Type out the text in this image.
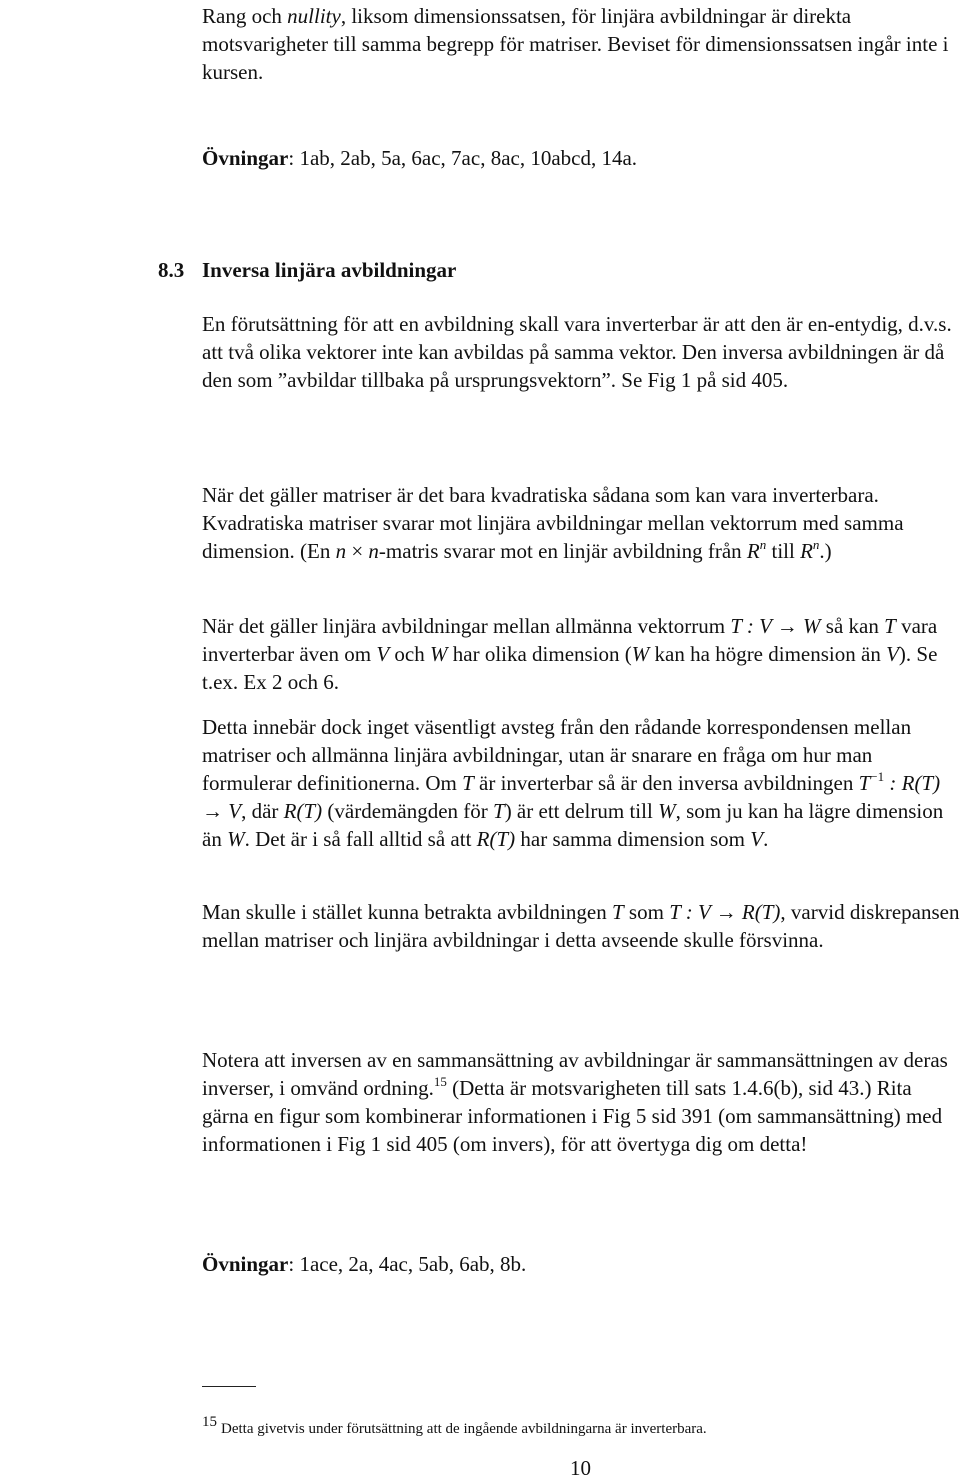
Rang och nullity, liksom dimensionssatsen, för linjära avbildningar är direkta motsvarigheter till samma begrepp för matriser. Beviset för dimensionssatsen ingår inte i kursen.

Övningar: 1ab, 2ab, 5a, 6ac, 7ac, 8ac, 10abcd, 14a.

8.3 Inversa linjära avbildningar

En förutsättning för att en avbildning skall vara inverterbar är att den är en-entydig, d.v.s. att två olika vektorer inte kan avbildas på samma vektor. Den inversa avbildningen är då den som ”avbildar tillbaka på ursprungsvektorn”. Se Fig 1 på sid 405.

När det gäller matriser är det bara kvadratiska sådana som kan vara inverterbara. Kvadratiska matriser svarar mot linjära avbildningar mellan vektorrum med samma dimension. (En n × n-matris svarar mot en linjär avbildning från $R^n$ till $R^n$.)

När det gäller linjära avbildningar mellan allmänna vektorrum T : V → W så kan T vara inverterbar även om V och W har olika dimension (W kan ha högre dimension än V). Se t.ex. Ex 2 och 6.

Detta innebär dock inget väsentligt avsteg från den rådande korrespondensen mellan matriser och allmänna linjära avbildningar, utan är snarare en fråga om hur man formulerar definitionerna. Om T är inverterbar så är den inversa avbildningen $T^{-1}$ : R(T) → V, där R(T) (värdemängden för T) är ett delrum till W, som ju kan ha lägre dimension än W. Det är i så fall alltid så att R(T) har samma dimension som V.

Man skulle i stället kunna betrakta avbildningen T som T : V → R(T), varvid diskrepansen mellan matriser och linjära avbildningar i detta avseende skulle försvinna.

Notera att inversen av en sammansättning av avbildningar är sammansättningen av deras inverser, i omvänd ordning.$^{15}$ (Detta är motsvarigheten till sats 1.4.6(b), sid 43.) Rita gärna en figur som kombinerar informationen i Fig 5 sid 391 (om sammansättning) med informationen i Fig 1 sid 405 (om invers), för att övertyga dig om detta!

Övningar: 1ace, 2a, 4ac, 5ab, 6ab, 8b.

15 Detta givetvis under förutsättning att de ingående avbildningarna är inverterbara.

10
